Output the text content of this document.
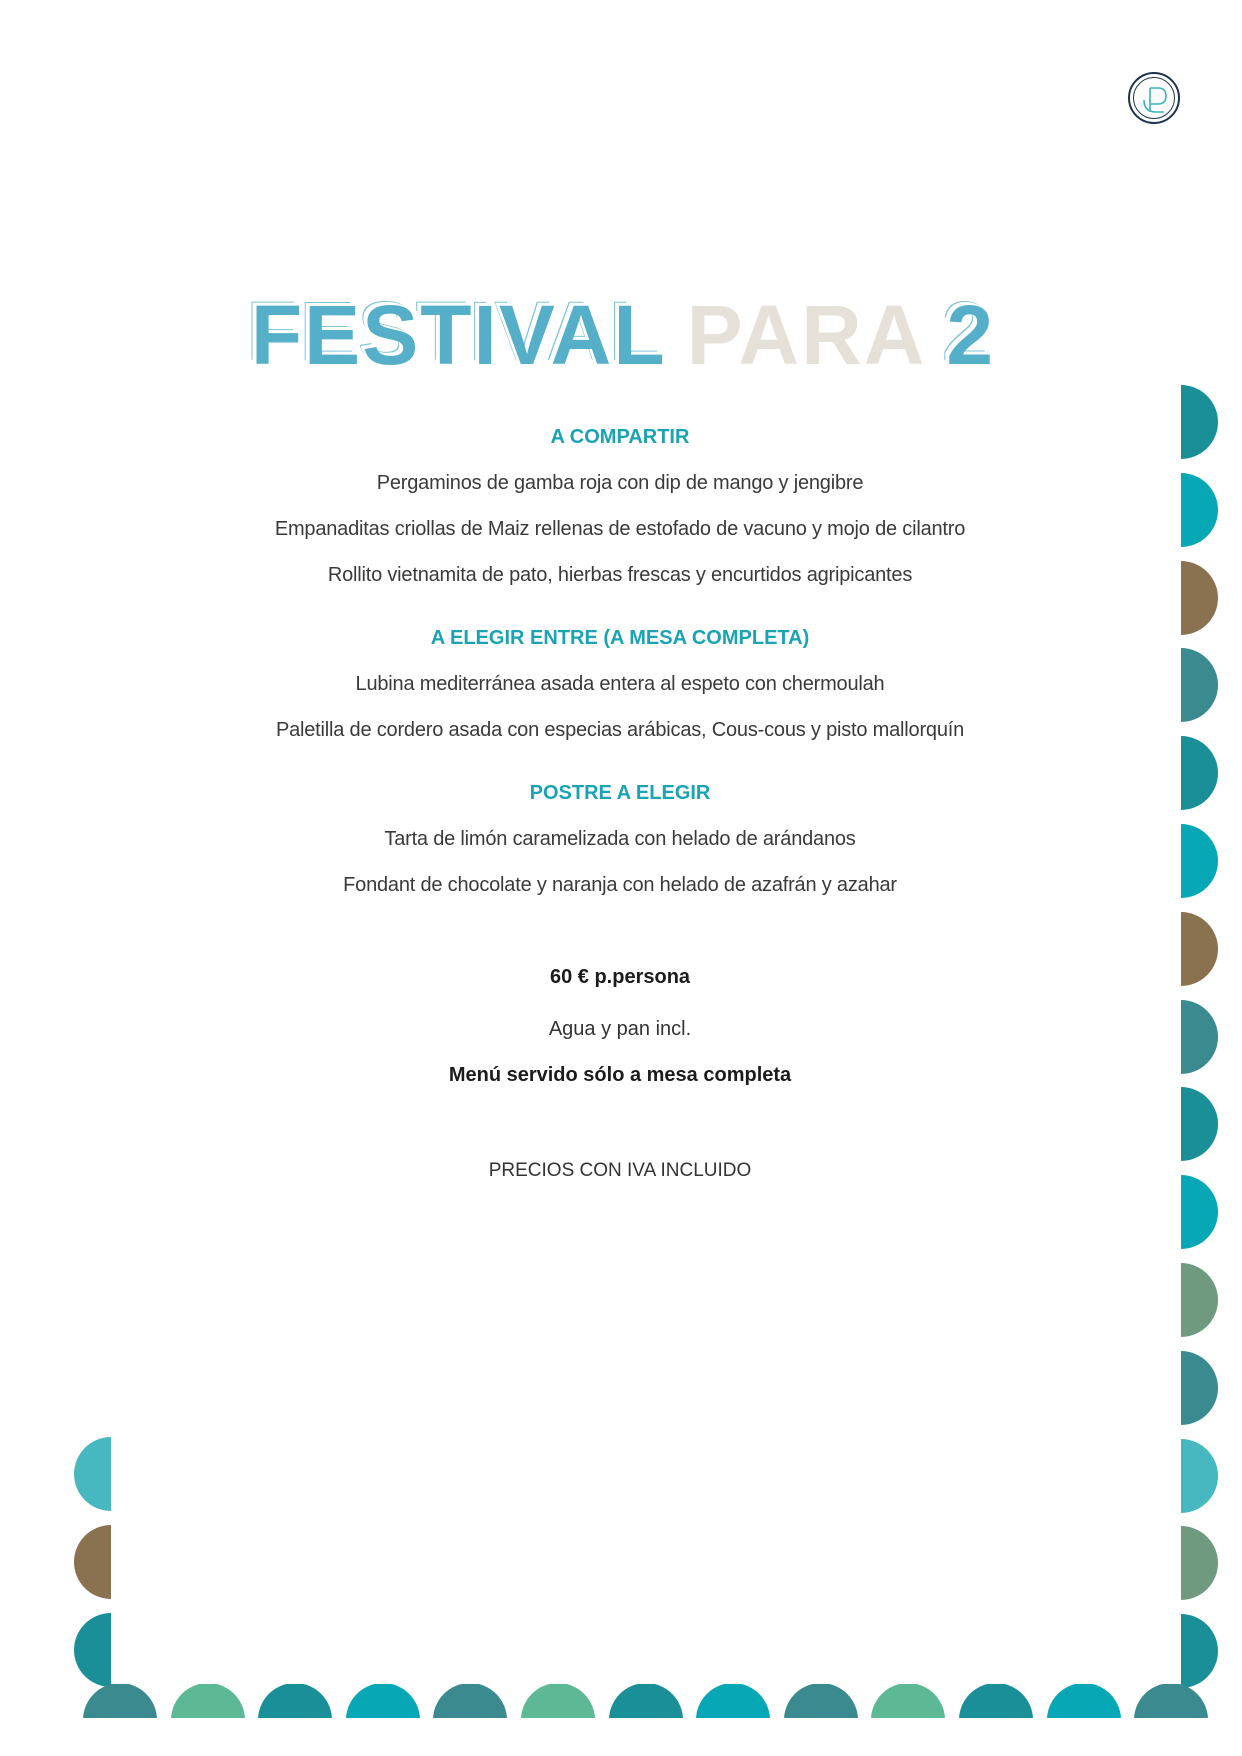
FESTIVAL PARA 2
A COMPARTIR
Pergaminos de gamba roja con dip de mango y jengibre
Empanaditas criollas de Maiz rellenas de estofado de vacuno y mojo de cilantro
Rollito vietnamita de pato, hierbas frescas y encurtidos agripicantes
A ELEGIR ENTRE (A MESA COMPLETA)
Lubina mediterránea asada entera al espeto con chermoulah
Paletilla de cordero asada con especias arábicas, Cous-cous y pisto mallorquín
POSTRE A ELEGIR
Tarta de limón caramelizada con helado de arándanos
Fondant de chocolate y naranja con helado de azafrán y azahar
60 € p.persona
Agua y pan incl.
Menú servido sólo a mesa completa
PRECIOS CON IVA INCLUIDO
